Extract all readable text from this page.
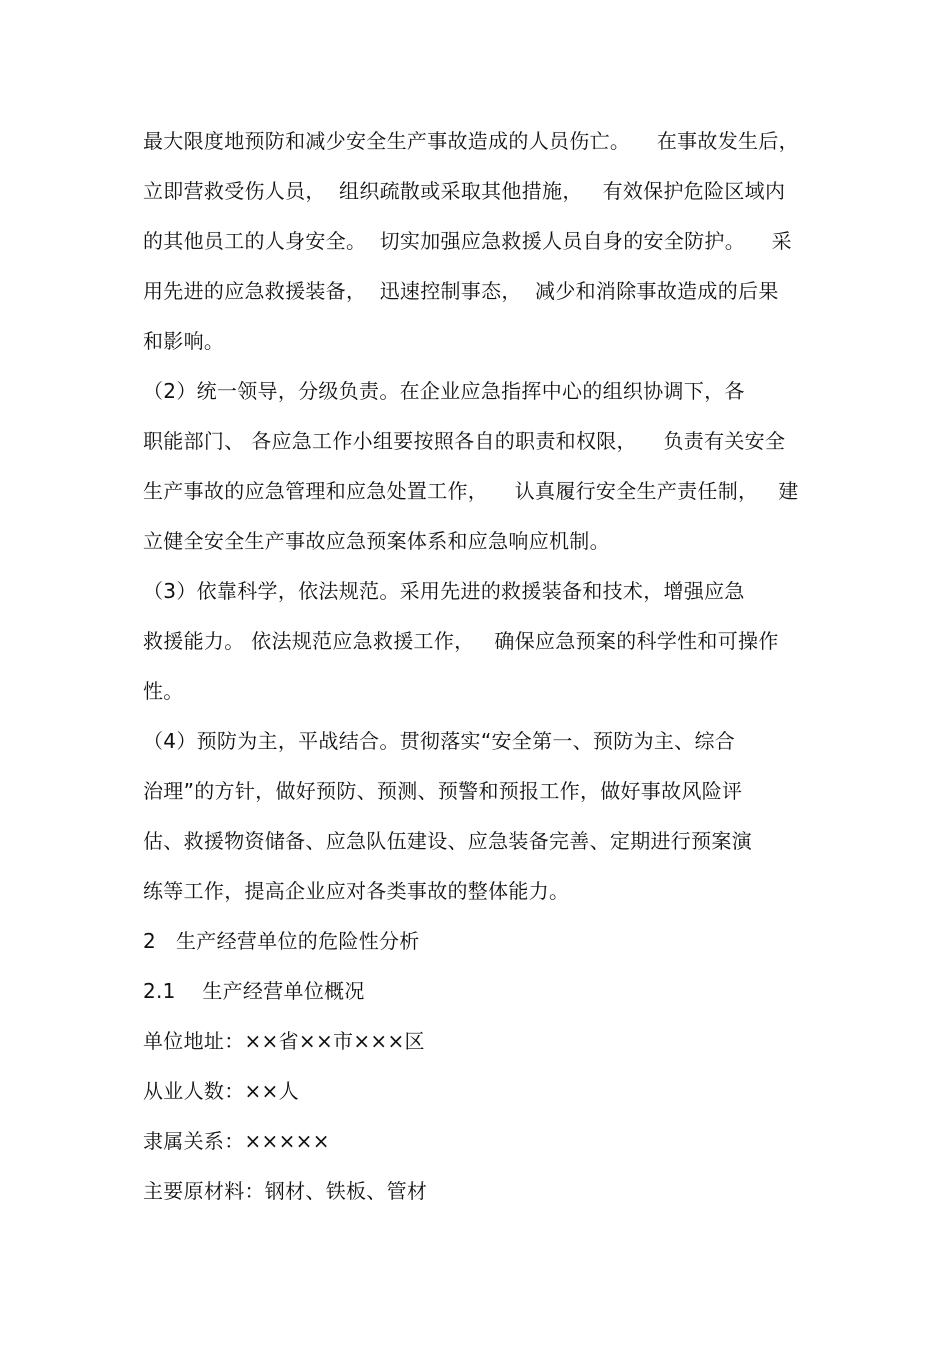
最大限度地预防和减少安全生产事故造成的人员伤亡。    在事故发生后，
立即营救受伤人员，  组织疏散或采取其他措施，   有效保护危险区域内
的其他员工的人身安全。  切实加强应急救援人员自身的安全防护。    采
用先进的应急救援装备，  迅速控制事态，  减少和消除事故造成的后果
和影响。
（2）统一领导，分级负责。在企业应急指挥中心的组织协调下，各
职能部门、 各应急工作小组要按照各自的职责和权限，    负责有关安全
生产事故的应急管理和应急处置工作，    认真履行安全生产责任制，   建
立健全安全生产事故应急预案体系和应急响应机制。
（3）依靠科学，依法规范。采用先进的救援装备和技术，增强应急
救援能力。 依法规范应急救援工作，   确保应急预案的科学性和可操作
性。
（4）预防为主，平战结合。贯彻落实“安全第一、预防为主、综合
治理”的方针，做好预防、预测、预警和预报工作，做好事故风险评
估、救援物资储备、应急队伍建设、应急装备完善、定期进行预案演
练等工作，提高企业应对各类事故的整体能力。
2   生产经营单位的危险性分析
2.1    生产经营单位概况
单位地址：××省××市×××区
从业人数：××人
隶属关系：×××××
主要原材料：钢材、铁板、管材
